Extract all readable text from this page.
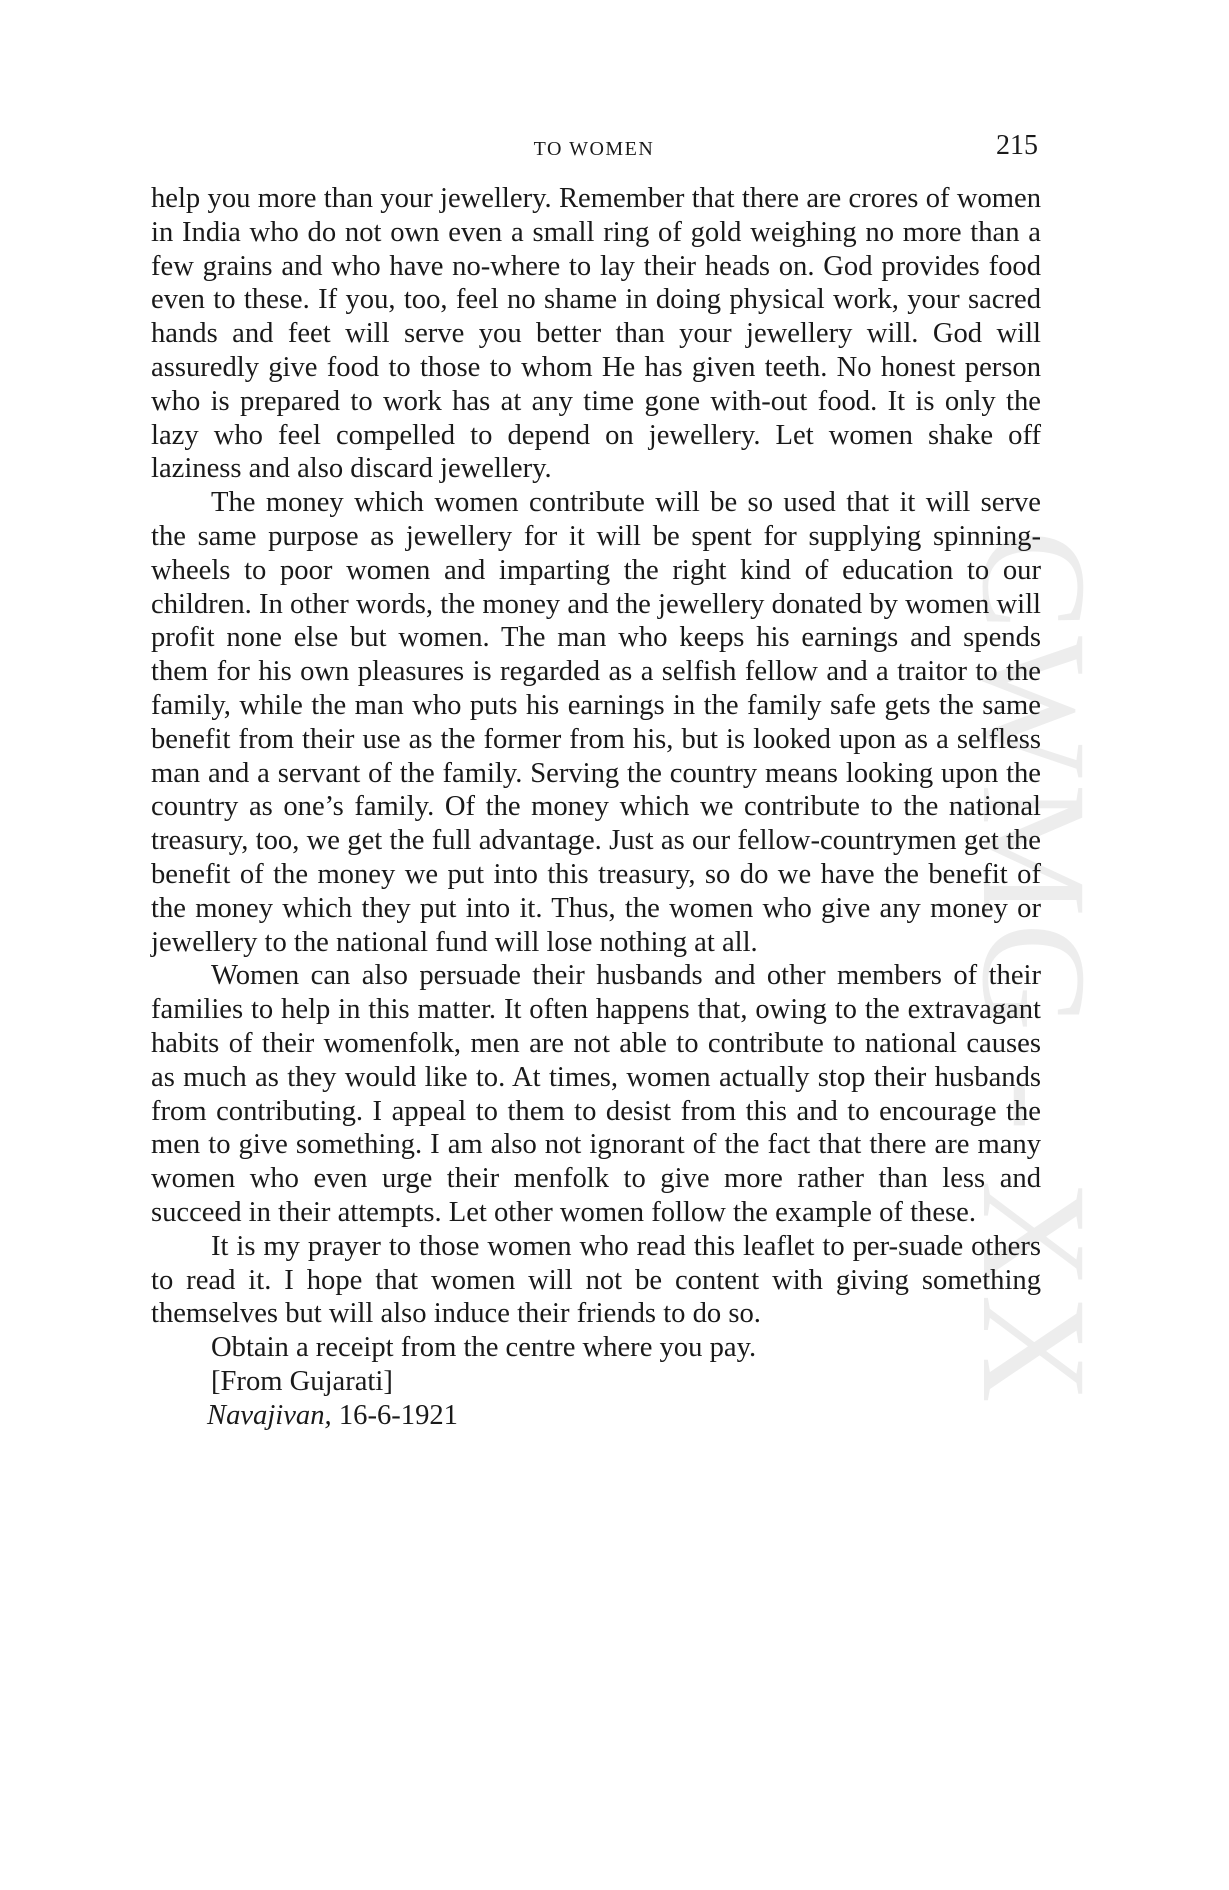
CWMG - XX
TO WOMEN	215

help you more than your jewellery. Remember that there are crores of women in India who do not own even a small ring of gold weighing no more than a few grains and who have no-where to lay their heads on. God provides food even to these. If you, too, feel no shame in doing physical work, your sacred hands and feet will serve you better than your jewellery will. God will assuredly give food to those to whom He has given teeth. No honest person who is prepared to work has at any time gone with-out food. It is only the lazy who feel compelled to depend on jewellery. Let women shake off laziness and also discard jewellery.

The money which women contribute will be so used that it will serve the same purpose as jewellery for it will be spent for supplying spinning-wheels to poor women and imparting the right kind of education to our children. In other words, the money and the jewellery donated by women will profit none else but women. The man who keeps his earnings and spends them for his own pleasures is regarded as a selfish fellow and a traitor to the family, while the man who puts his earnings in the family safe gets the same benefit from their use as the former from his, but is looked upon as a selfless man and a servant of the family. Serving the country means looking upon the country as one’s family. Of the money which we contribute to the national treasury, too, we get the full advantage. Just as our fellow-countrymen get the benefit of the money we put into this treasury, so do we have the benefit of the money which they put into it. Thus, the women who give any money or jewellery to the national fund will lose nothing at all.

Women can also persuade their husbands and other members of their families to help in this matter. It often happens that, owing to the extravagant habits of their womenfolk, men are not able to contribute to national causes as much as they would like to. At times, women actually stop their husbands from contributing. I appeal to them to desist from this and to encourage the men to give something. I am also not ignorant of the fact that there are many women who even urge their menfolk to give more rather than less and succeed in their attempts. Let other women follow the example of these.

It is my prayer to those women who read this leaflet to per-suade others to read it. I hope that women will not be content with giving something themselves but will also induce their friends to do so.

Obtain a receipt from the centre where you pay.

[From Gujarati]

Navajivan, 16-6-1921
